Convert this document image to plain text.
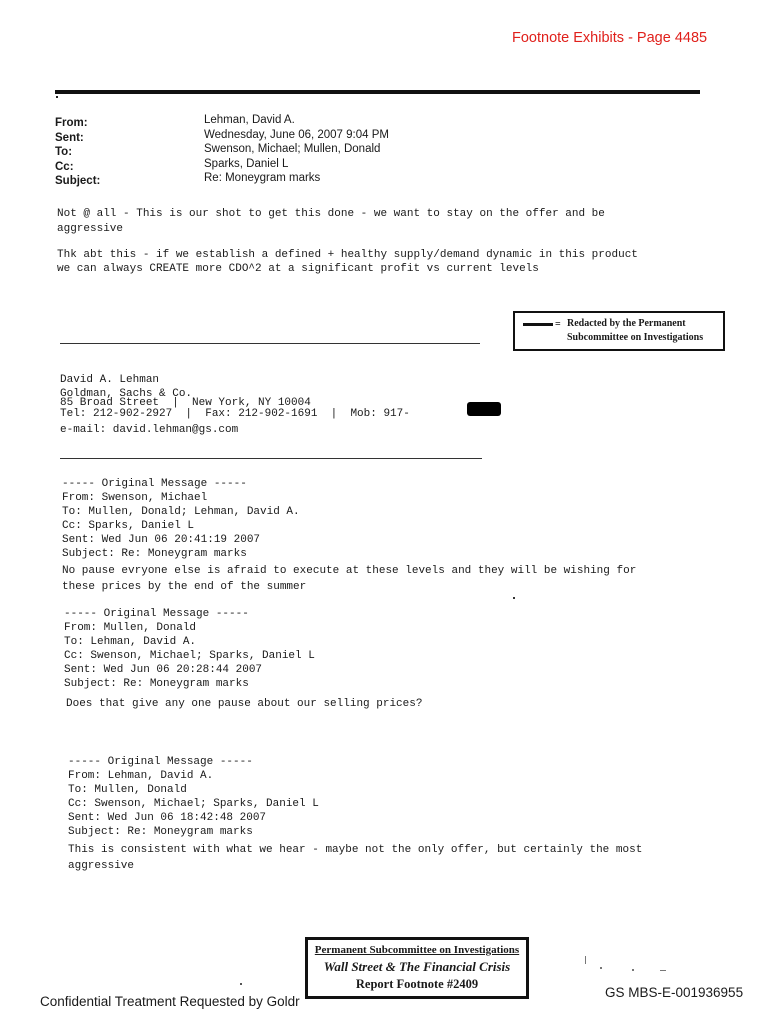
Footnote Exhibits - Page 4485
From:
Sent:
To:
Cc:
Subject:
Lehman, David A.
Wednesday, June 06, 2007 9:04 PM
Swenson, Michael; Mullen, Donald
Sparks, Daniel L
Re: Moneygram marks
Not @ all - This is our shot to get this done - we want to stay on the offer and be
aggressive
Thk abt this - if we establish a defined + healthy supply/demand dynamic in this product
we can always CREATE more CDO^2 at a significant profit vs current levels
= Redacted by the Permanent
Subcommittee on Investigations
David A. Lehman
Goldman, Sachs & Co.
85 Broad Street  |  New York, NY 10004
Tel: 212-902-2927  |  Fax: 212-902-1691  |  Mob: 917-
e-mail: david.lehman@gs.com
----- Original Message -----
From: Swenson, Michael
To: Mullen, Donald; Lehman, David A.
Cc: Sparks, Daniel L
Sent: Wed Jun 06 20:41:19 2007
Subject: Re: Moneygram marks
No pause evryone else is afraid to execute at these levels and they will be wishing for
these prices by the end of the summer
----- Original Message -----
From: Mullen, Donald
To: Lehman, David A.
Cc: Swenson, Michael; Sparks, Daniel L
Sent: Wed Jun 06 20:28:44 2007
Subject: Re: Moneygram marks
Does that give any one pause about our selling prices?
----- Original Message -----
From: Lehman, David A.
To: Mullen, Donald
Cc: Swenson, Michael; Sparks, Daniel L
Sent: Wed Jun 06 18:42:48 2007
Subject: Re: Moneygram marks
This is consistent with what we hear - maybe not the only offer, but certainly the most
aggressive
Permanent Subcommittee on Investigations
Wall Street & The Financial Crisis
Report Footnote #2409
Confidential Treatment Requested by Goldr
GS MBS-E-001936955
